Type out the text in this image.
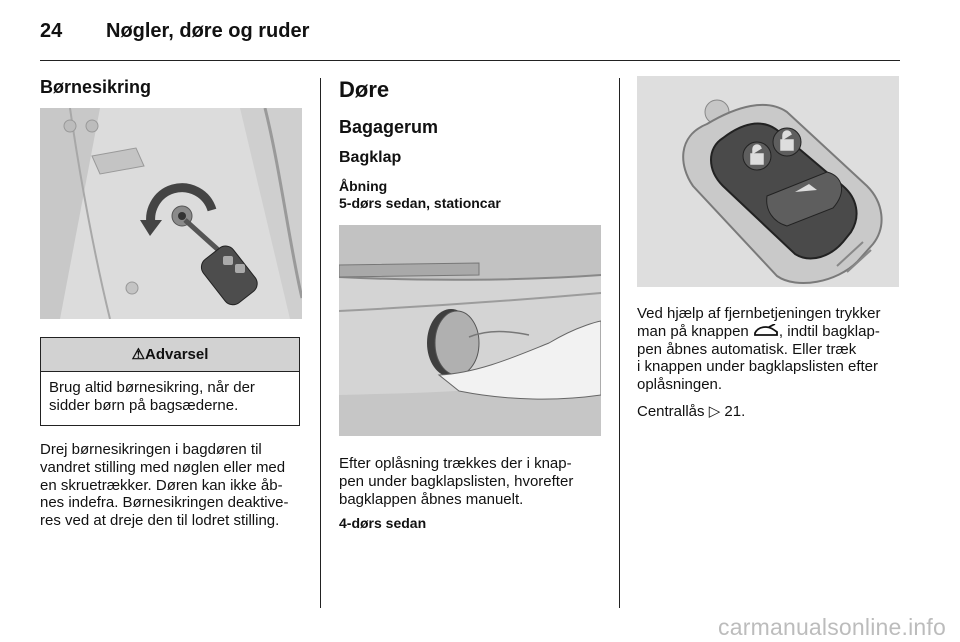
24 Nøgler, døre og ruder
Børnesikring
⚠Advarsel
Brug altid børnesikring, når der
sidder børn på bagsæderne.
Drej børnesikringen i bagdøren til
vandret stilling med nøglen eller med
en skruetrækker. Døren kan ikke åb-
nes indefra. Børnesikringen deaktive-
res ved at dreje den til lodret stilling.
Døre
Bagagerum
Bagklap
Åbning
5-dørs sedan, stationcar
Efter oplåsning trækkes der i knap-
pen under bagklapslisten, hvorefter
bagklappen åbnes manuelt.
4-dørs sedan
Ved hjælp af fjernbetjeningen trykker
man på knappen , indtil bagklap-
pen åbnes automatisk. Eller træk
i knappen under bagklapslisten efter
oplåsningen.
Centrallås ▷ 21.
carmanualsonline.info
